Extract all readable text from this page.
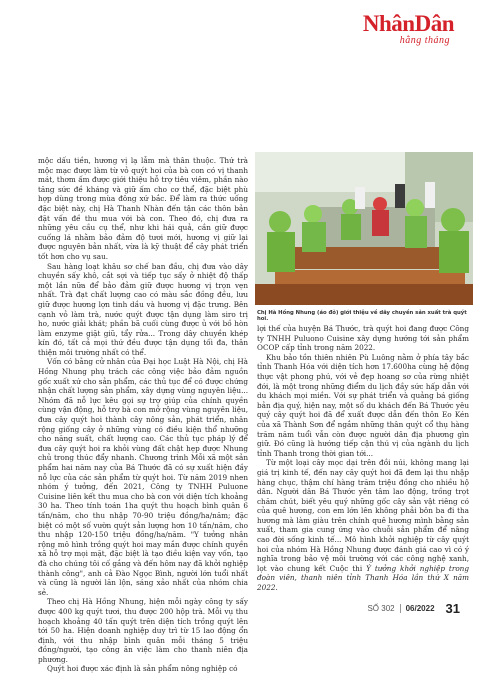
NhânDân
hằng tháng

mộc dấu tiền, hương vị lạ lẫm mà thân thuộc. Thứ trà mộc mạc được làm từ vỏ quýt hoi của bà con có vị thanh mát, thơm ấm được giới thiệu hỗ trợ tiêu viêm, phần nào tăng sức đề kháng và giữ ấm cho cơ thể, đặc biệt phù hợp dùng trong mùa đông xứ bắc. Để làm ra thức uống đặc biệt này, chị Hà Thanh Nhàn đến tận các thôn bản đặt vấn đề thu mua với bà con. Theo đó, chị đưa ra những yêu cầu cụ thể, như khi hái quả, cần giữ được cuống lá nhằm bảo đảm độ tươi mới, hương vị giữ lại được nguyên bản nhất, vừa là kỹ thuật để cây phát triển tốt hơn cho vụ sau.

Sau hàng loạt khâu sơ chế ban đầu, chị đưa vào dây chuyền sấy khô, cắt sợi và tiếp tục sấy ở nhiệt độ thấp một lần nữa để bảo đảm giữ được hương vị trọn vẹn nhất. Trà đạt chất lượng cao có màu sắc đồng đều, lưu giữ được hương lợn tinh dầu và hương vị đặc trưng. Bên cạnh vỏ làm trà, nước quýt được tận dụng làm siro trị ho, nước giải khát; phần bã cuối cùng được ủ với bồ hòn làm enzyme giặt giũ, tẩy rửa... Trong dây chuyền khép kín đó, tất cả mọi thứ đều được tận dụng tối đa, thân thiện môi trường nhất có thể.

Vốn có bằng cử nhân của Đại học Luật Hà Nội, chị Hà Hồng Nhung phụ trách các công việc bảo đảm nguồn gốc xuất xứ cho sản phẩm, các thủ tục để có được chứng nhận chất lượng sản phẩm, xây dựng vùng nguyên liệu... Nhóm đã nỗ lực kêu gọi sự trợ giúp của chính quyền cùng vận động, hỗ trợ bà con mở rộng vùng nguyên liệu, đưa cây quýt hoi thành cây nông sản, phát triển, nhân rộng giống cây ở những vùng có điều kiện thổ nhưỡng cho năng suất, chất lượng cao. Các thủ tục pháp lý để đưa cây quýt hoi ra khỏi vùng đất chật hẹp được Nhung chủ trong thúc đẩy nhanh. Chương trình Mỗi xã một sản phẩm hai năm nay của Bá Thước đã có sự xuất hiện đầy nỗ lực của các sản phẩm từ quýt hoi. Từ năm 2019 nhen nhóm ý tưởng, đến 2021, Công ty TNHH Puluone Cuisine liên kết thu mua cho bà con với diện tích khoảng 30 ha. Theo tính toán 1ha quýt thu hoạch bình quân 6 tấn/năm, cho thu nhập 70-90 triệu đồng/ha/năm; đặc biệt có một số vườn quýt sản lượng hơn 10 tấn/năm, cho thu nhập 120-150 triệu đồng/ha/năm. "Y tưởng nhân rộng mô hình trồng quýt hoi may mắn được chính quyền xã hỗ trợ mọi mặt, đặc biệt là tạo điều kiện vay vốn, tạo đà cho chúng tôi cố gắng và đến hôm nay đã khởi nghiệp thành công", anh cả Đào Ngọc Bình, người lớn tuổi nhất và cũng là người lăn lộn, sáng xảo nhất của nhóm chia sẻ.

Theo chị Hà Hồng Nhung, hiện mỗi ngày công ty sấy được 400 kg quýt tươi, thu được 200 hộp trà. Mỗi vụ thu hoạch khoảng 40 tấn quýt trên diện tích trồng quýt lên tới 50 ha. Hiện doanh nghiệp duy trì từ 15 lao động ổn định, với thu nhập bình quân mỗi tháng 5 triệu đồng/người, tạo công ăn việc làm cho thanh niên địa phương.

Quýt hoi được xác định là sản phẩm nông nghiệp có

Chị Hà Hồng Nhung (áo đỏ) giới thiệu về dây chuyền sản xuất trà quýt hoi.

lợi thế của huyện Bá Thước, trà quýt hoi đang được Công ty TNHH Puluono Cuisine xây dựng hướng tới sản phẩm OCOP cấp tỉnh trong năm 2022.

Khu bảo tồn thiên nhiên Pù Luông nằm ở phía tây bắc tỉnh Thanh Hóa với diện tích hơn 17.600ha cùng hệ động thực vật phong phú, với vẻ đẹp hoang sơ của rừng nhiệt đới, là một trong những điểm du lịch đầy sức hấp dẫn với du khách mọi miền. Với sự phát triển và quảng bá giống bản địa quý, hiện nay, một số du khách đến Bá Thước yêu quý cây quýt hoi đã để xuất được dẫn đến thôn Eo Kén của xã Thành Sơn để ngắm những thân quýt cổ thụ hàng trăm năm tuổi vẫn còn được người dân địa phương gìn giữ. Đó cũng là hướng tiếp cận thú vị của ngành du lịch tỉnh Thanh trong thời gian tới...

Từ một loại cây mọc dại trên đồi núi, không mang lại giá trị kinh tế, đến nay cây quýt hoi đã đem lại thu nhập hàng chục, thậm chí hàng trăm triệu đồng cho nhiều hộ dân. Người dân Bá Thước yên tâm lao động, trồng trọt chăm chút, biết yêu quý những gốc cây sản vật riêng có của quê hương, con em lớn lên không phải bôn ba đi tha hương mà làm giàu trên chính quê hương mình bằng sản xuất, tham gia cung ứng vào chuỗi sản phẩm để nâng cao đời sống kinh tế... Mô hình khởi nghiệp từ cây quýt hoi của nhóm Hà Hồng Nhung được đánh giá cao vì có ý nghĩa trong bảo vệ môi trường với các công nghệ xanh, lọt vào chung kết Cuộc thi Ý tưởng khởi nghiệp trong đoàn viên, thanh niên tỉnh Thanh Hóa lần thứ X năm 2022.

SỐ 302 06/2022 31
